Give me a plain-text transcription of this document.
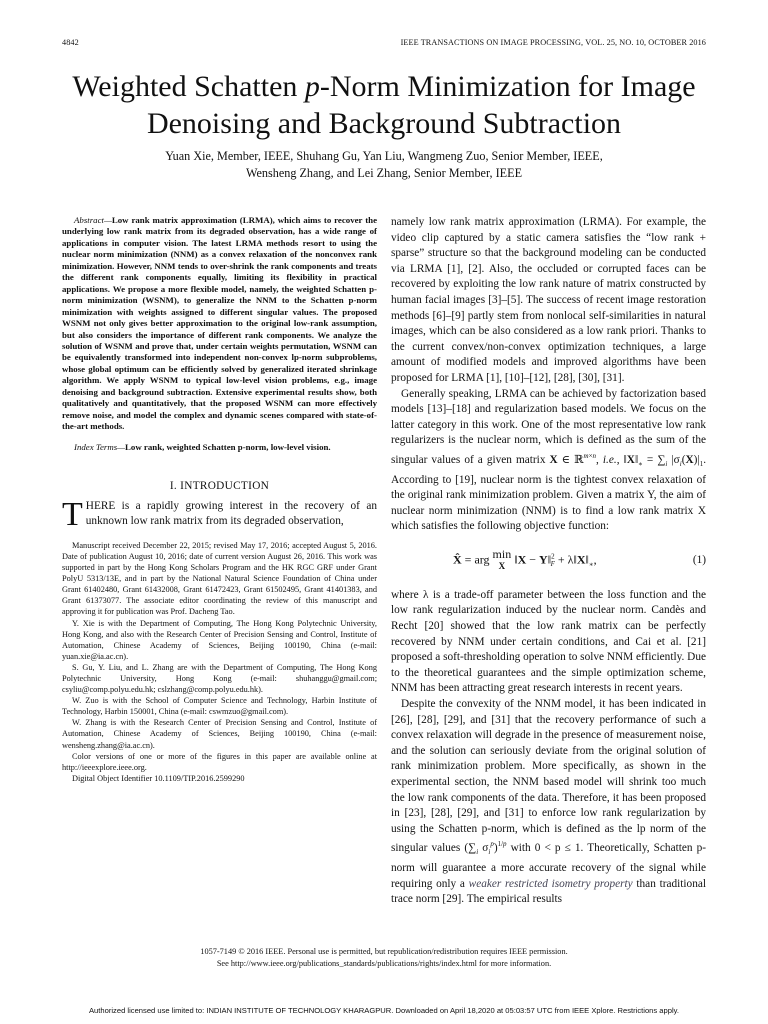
4842	IEEE TRANSACTIONS ON IMAGE PROCESSING, VOL. 25, NO. 10, OCTOBER 2016
Weighted Schatten p-Norm Minimization for Image
Denoising and Background Subtraction
Yuan Xie, Member, IEEE, Shuhang Gu, Yan Liu, Wangmeng Zuo, Senior Member, IEEE,
Wensheng Zhang, and Lei Zhang, Senior Member, IEEE

Abstract—Low rank matrix approximation (LRMA), which aims to recover the underlying low rank matrix from its degraded observation, has a wide range of applications in computer vision. The latest LRMA methods resort to using the nuclear norm minimization (NNM) as a convex relaxation of the nonconvex rank minimization. However, NNM tends to over-shrink the rank components and treats the different rank components equally, limiting its flexibility in practical applications. We propose a more flexible model, namely, the weighted Schatten p-norm minimization (WSNM), to generalize the NNM to the Schatten p-norm minimization with weights assigned to different singular values. The proposed WSNM not only gives better approximation to the original low-rank assumption, but also considers the importance of different rank components. We analyze the solution of WSNM and prove that, under certain weights permutation, WSNM can be equivalently transformed into independent non-convex lp-norm subproblems, whose global optimum can be efficiently solved by generalized iterated shrinkage algorithm. We apply WSNM to typical low-level vision problems, e.g., image denoising and background subtraction. Extensive experimental results show, both qualitatively and quantitatively, that the proposed WSNM can more effectively remove noise, and model the complex and dynamic scenes compared with state-of-the-art methods.

Index Terms—Low rank, weighted Schatten p-norm, low-level vision.

I. INTRODUCTION

THERE is a rapidly growing interest in the recovery of an unknown low rank matrix from its degraded observation,

Manuscript received December 22, 2015; revised May 17, 2016; accepted August 5, 2016. Date of publication August 10, 2016; date of current version August 26, 2016. This work was supported in part by the Hong Kong Scholars Program and the HK RGC GRF under Grant PolyU 5313/13E, and in part by the National Natural Science Foundation of China under Grant 61402480, Grant 61432008, Grant 61472423, Grant 61502495, Grant 41401383, and Grant 61373077. The associate editor coordinating the review of this manuscript and approving it for publication was Prof. Dacheng Tao.

Y. Xie is with the Department of Computing, The Hong Kong Polytechnic University, Hong Kong, and also with the Research Center of Precision Sensing and Control, Institute of Automation, Chinese Academy of Sciences, Beijing 100190, China (e-mail: yuan.xie@ia.ac.cn).

S. Gu, Y. Liu, and L. Zhang are with the Department of Computing, The Hong Kong Polytechnic University, Hong Kong (e-mail: shuhanggu@gmail.com; csyliu@comp.polyu.edu.hk; cslzhang@comp.polyu.edu.hk).

W. Zuo is with the School of Computer Science and Technology, Harbin Institute of Technology, Harbin 150001, China (e-mail: cswmzuo@gmail.com).

W. Zhang is with the Research Center of Precision Sensing and Control, Institute of Automation, Chinese Academy of Sciences, Beijing 100190, China (e-mail: wensheng.zhang@ia.ac.cn).

Color versions of one or more of the figures in this paper are available online at http://ieeexplore.ieee.org.

Digital Object Identifier 10.1109/TIP.2016.2599290

namely low rank matrix approximation (LRMA). For example, the video clip captured by a static camera satisfies the “low rank + sparse” structure so that the background modeling can be conducted via LRMA [1], [2]. Also, the occluded or corrupted faces can be recovered by exploiting the low rank nature of matrix constructed by human facial images [3]–[5]. The success of recent image restoration methods [6]–[9] partly stem from nonlocal self-similarities in natural images, which can be also considered as a low rank priori. Thanks to the current convex/non-convex optimization techniques, a large amount of modified models and improved algorithms have been proposed for LRMA [1], [10]–[12], [28], [30], [31].

Generally speaking, LRMA can be achieved by factorization based models [13]–[18] and regularization based models. We focus on the latter category in this work. One of the most representative low rank regularizers is the nuclear norm, which is defined as the sum of the singular values of a given matrix X ∈ ℝ$^{m\times n}$, i.e., $‖X‖_∗ = \sum_i$ $|\sigma_i(X)|_1$. According to [19], nuclear norm is the tightest convex relaxation of the original rank minimization problem. Given a matrix Y, the aim of nuclear norm minimization (NNM) is to find a low rank matrix X which satisfies the following objective function:

X̂ = arg min
X ‖X − Y‖$^2_F$ + $\lambda‖X‖_∗$,	(1)

where λ is a trade-off parameter between the loss function and the low rank regularization induced by the nuclear norm. Candès and Recht [20] showed that the low rank matrix can be perfectly recovered by NNM under certain conditions, and Cai et al. [21] proposed a soft-thresholding operation to solve NNM efficiently. Due to the theoretical guarantees and the simple optimization scheme, NNM has been attracting great research interests in recent years.

Despite the convexity of the NNM model, it has been indicated in [26], [28], [29], and [31] that the recovery performance of such a convex relaxation will degrade in the presence of measurement noise, and the solution can seriously deviate from the original solution of rank minimization problem. More specifically, as shown in the experimental section, the NNM based model will shrink too much the low rank components of the data. Therefore, it has been proposed in [23], [28], [29], and [31] to enforce low rank regularization by using the Schatten p-norm, which is defined as the lp norm of the singular values ($\sum_i$ $\sigma_i^p)^{1/p}$ with 0 < p ≤ 1. Theoretically, Schatten p-norm will guarantee a more accurate recovery of the signal while requiring only a weaker restricted isometry property than traditional trace norm [29]. The empirical results

1057-7149 © 2016 IEEE. Personal use is permitted, but republication/redistribution requires IEEE permission.
See http://www.ieee.org/publications_standards/publications/rights/index.html for more information.
Authorized licensed use limited to: INDIAN INSTITUTE OF TECHNOLOGY KHARAGPUR. Downloaded on April 18,2020 at 05:03:57 UTC from IEEE Xplore. Restrictions apply.
